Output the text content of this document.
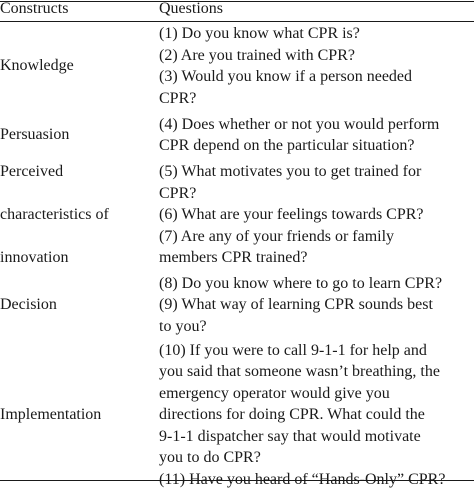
Constructs	Questions
Knowledge
(1) Do you know what CPR is?
(2) Are you trained with CPR?
(3) Would you know if a person needed
CPR?
Persuasion
(4) Does whether or not you would perform
CPR depend on the particular situation?

Perceived

characteristics of

innovation

(5) What motivates you to get trained for
CPR?
(6) What are your feelings towards CPR?
(7) Are any of your friends or family
members CPR trained?
Decision
(8) Do you know where to go to learn CPR?
(9) What way of learning CPR sounds best
to you?
Implementation
(10) If you were to call 9-1-1 for help and
you said that someone wasn’t breathing, the
emergency operator would give you
directions for doing CPR. What could the
9-1-1 dispatcher say that would motivate
you to do CPR?
(11) Have you heard of “Hands-Only” CPR?
